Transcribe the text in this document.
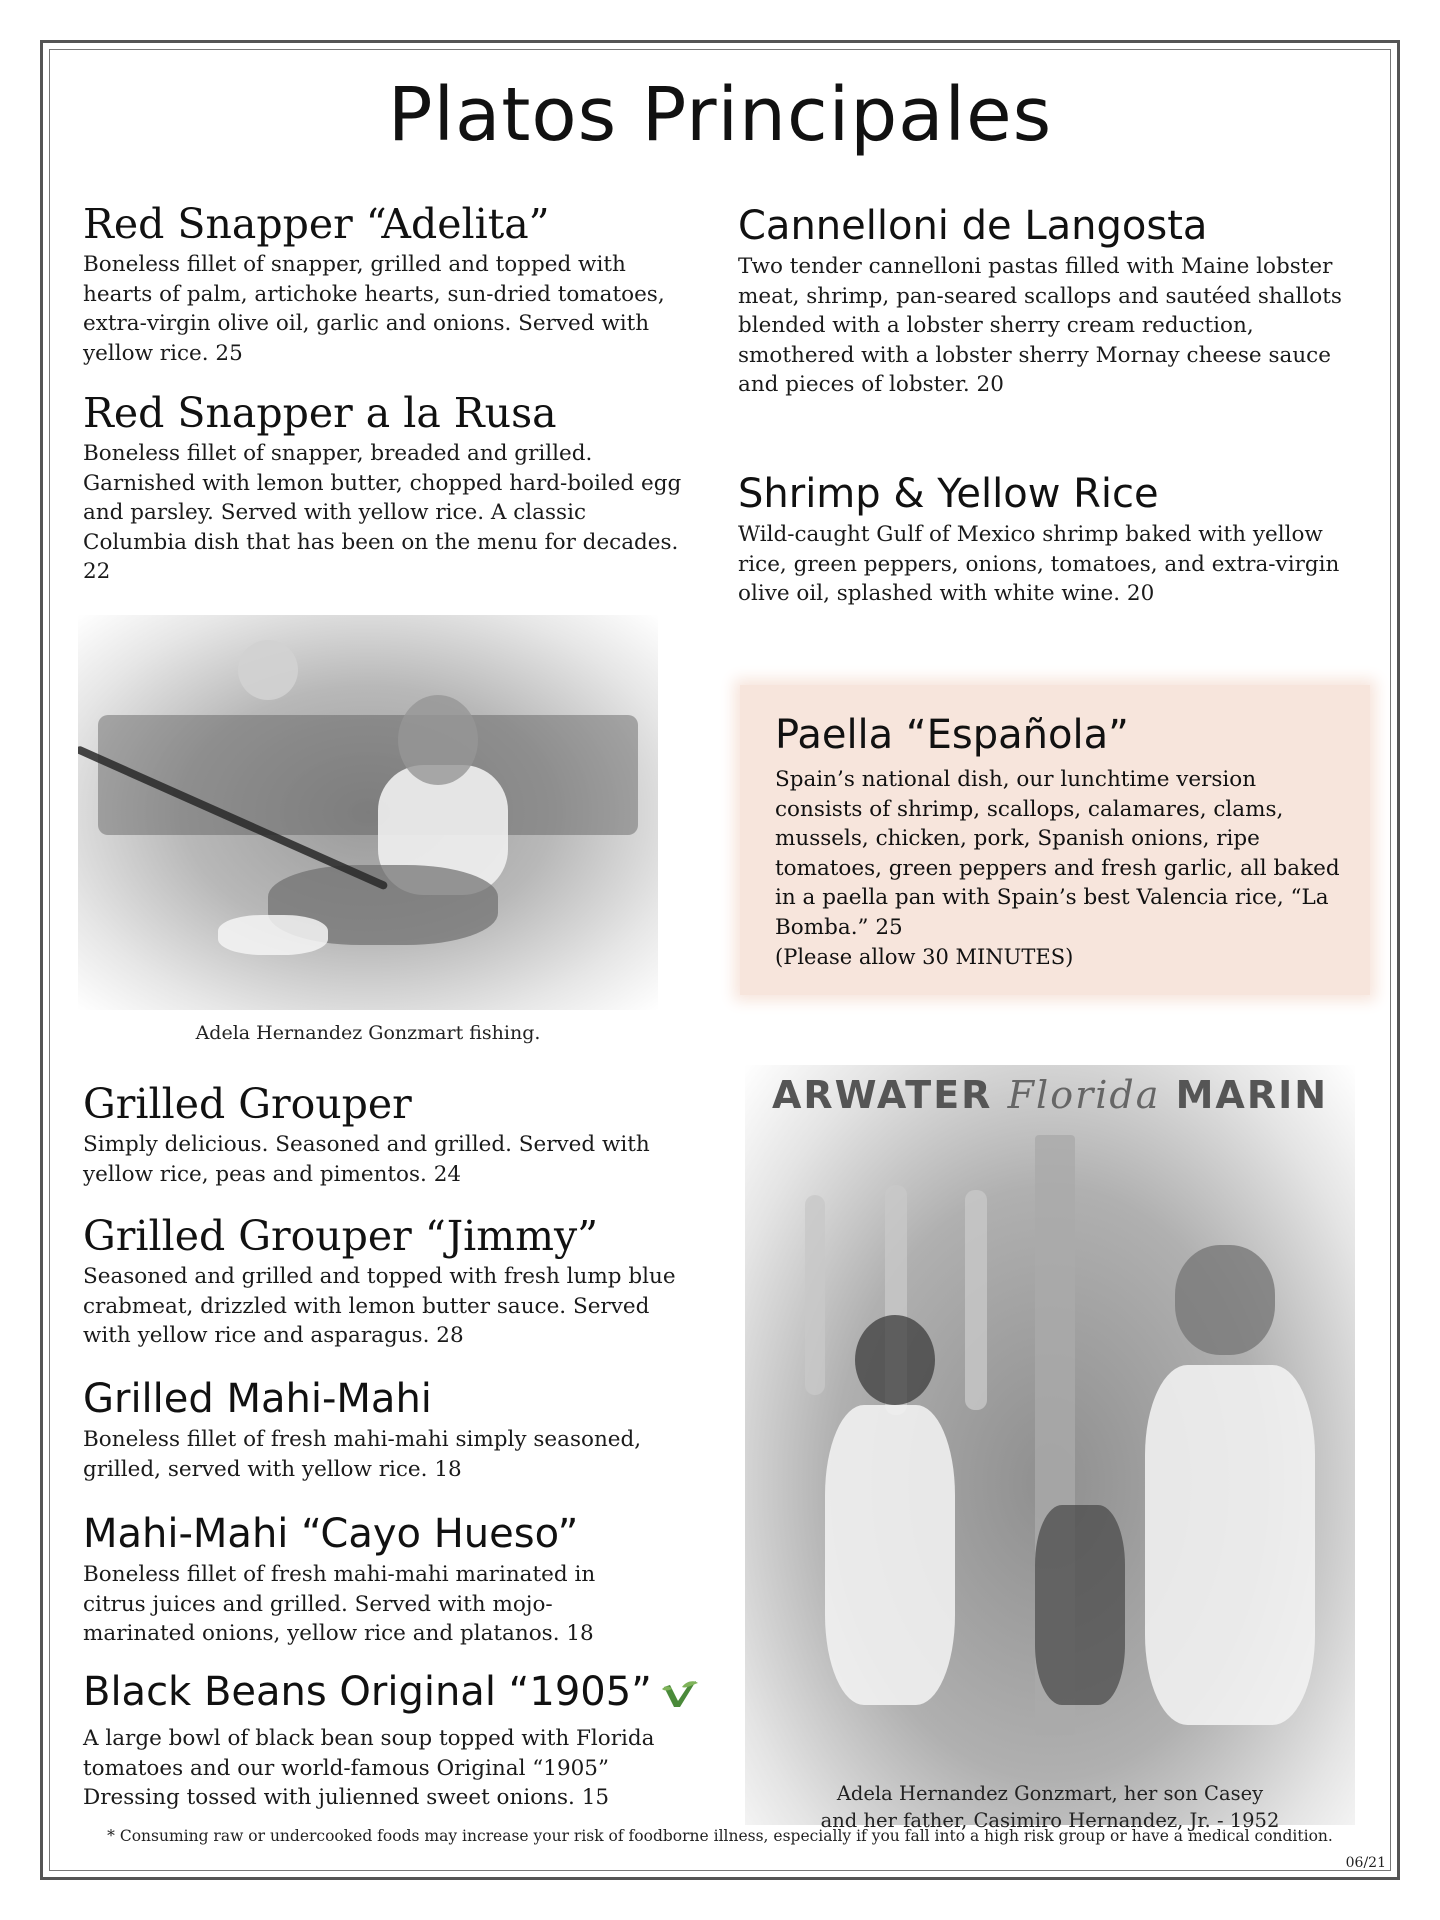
Platos Principales
Red Snapper “Adelita”

Boneless fillet of snapper, grilled and topped with hearts of palm, artichoke hearts, sun-dried tomatoes, extra-virgin olive oil, garlic and onions. Served with yellow rice. 25

Red Snapper a la Rusa

Boneless fillet of snapper, breaded and grilled. Garnished with lemon butter, chopped hard-boiled egg and parsley. Served with yellow rice. A classic Columbia dish that has been on the menu for decades. 22

Cannelloni de Langosta

Two tender cannelloni pastas filled with Maine lobster meat, shrimp, pan-seared scallops and sautéed shallots blended with a lobster sherry cream reduction, smothered with a lobster sherry Mornay cheese sauce and pieces of lobster. 20

Shrimp & Yellow Rice

Wild-caught Gulf of Mexico shrimp baked with yellow rice, green peppers, onions, tomatoes, and extra-virgin olive oil, splashed with white wine. 20

Adela Hernandez Gonzmart fishing.
Paella “Española”

Spain’s national dish, our lunchtime version consists of shrimp, scallops, calamares, clams, mussels, chicken, pork, Spanish onions, ripe tomatoes, green peppers and fresh garlic, all baked in a paella pan with Spain’s best Valencia rice, “La Bomba.” 25

(Please allow 30 MINUTES)
Grilled Grouper

Simply delicious. Seasoned and grilled. Served with yellow rice, peas and pimentos. 24

Grilled Grouper “Jimmy”

Seasoned and grilled and topped with fresh lump blue crabmeat, drizzled with lemon butter sauce. Served with yellow rice and asparagus. 28

Grilled Mahi-Mahi

Boneless fillet of fresh mahi-mahi simply seasoned, grilled, served with yellow rice. 18

Mahi-Mahi “Cayo Hueso”

Boneless fillet of fresh mahi-mahi marinated in citrus juices and grilled. Served with mojo-marinated onions, yellow rice and platanos. 18

Black Beans Original “1905”

A large bowl of black bean soup topped with Florida tomatoes and our world-famous Original “1905” Dressing tossed with julienned sweet onions. 15

ARWATER Florida MARIN
Adela Hernandez Gonzmart, her son Casey
and her father, Casimiro Hernandez, Jr. - 1952
* Consuming raw or undercooked foods may increase your risk of foodborne illness, especially if you fall into a high risk group or have a medical condition.
06/21
